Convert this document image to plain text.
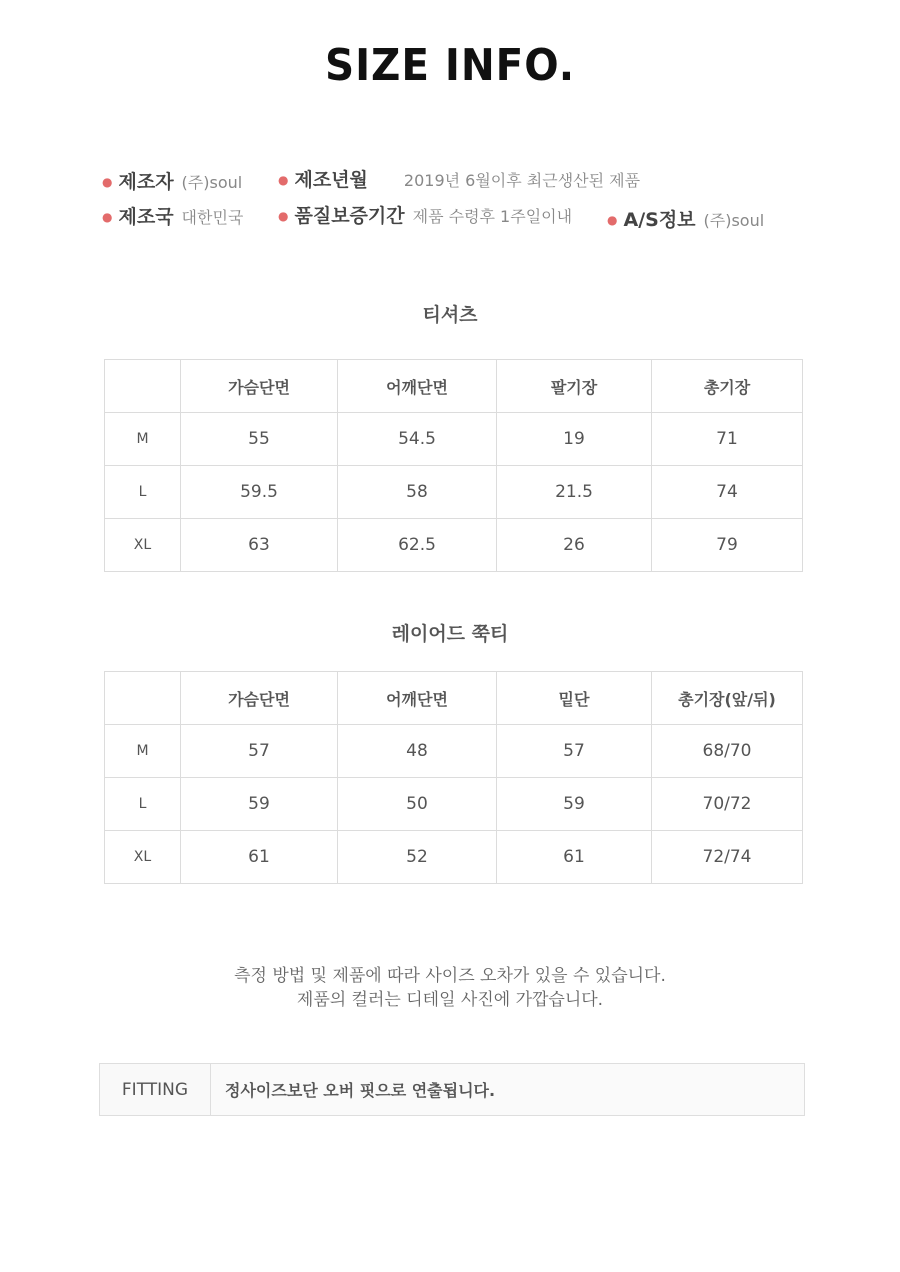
SIZE INFO.
● 제조자 (주)soul	● 제조년월 2019년 6월이후 최근생산된 제품
● 제조국 대한민국	● 품질보증기간 제품 수령후 1주일이내	● A/S정보 (주)soul
티셔츠
	가슴단면	어깨단면	팔기장	총기장
M	55	54.5	19	71
L	59.5	58	21.5	74
XL	63	62.5	26	79
레이어드 쭉티
	가슴단면	어깨단면	밑단	총기장(앞/뒤)
M	57	48	57	68/70
L	59	50	59	70/72
XL	61	52	61	72/74
측정 방법 및 제품에 따라 사이즈 오차가 있을 수 있습니다.
제품의 컬러는 디테일 사진에 가깝습니다.
FITTING	정사이즈보단 오버 핏으로 연출됩니다.
